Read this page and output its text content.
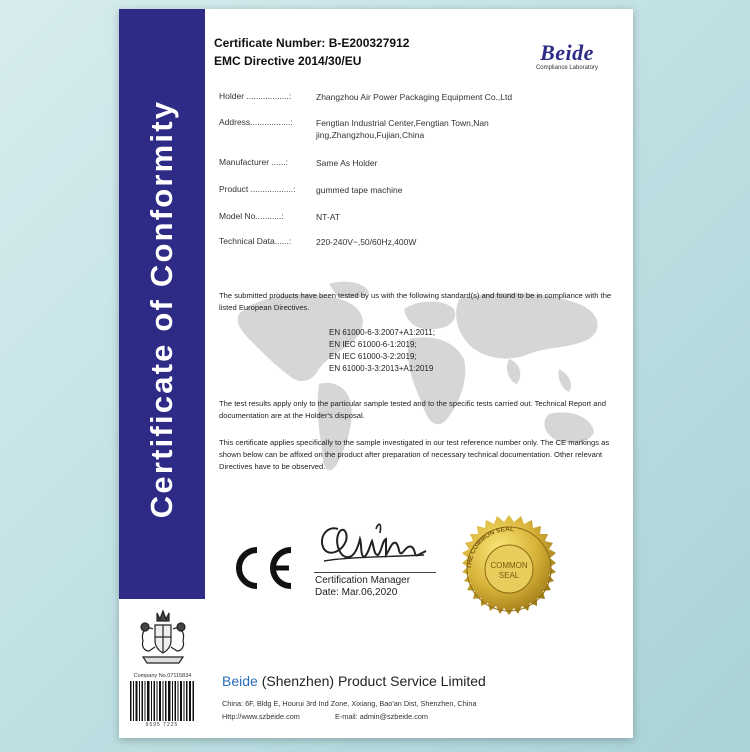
Certificate of Conformity
Certificate Number: B-E200327912
EMC Directive 2014/30/EU	Beide
Compliance Laboratory
Holder ..................:	Zhangzhou Air Power Packaging Equipment Co.,Ltd
Address.................:	Fengtian Industrial Center,Fengtian Town,Nan jing,Zhangzhou,Fujian,China
Manufacturer ......:	Same As Holder
Product ..................: gummed tape machine
Model No...........:	NT-AT
Technical Data......:	220-240V~,50/60Hz,400W
The submitted products have been tested by us with the following standard(s) and found to be in compliance with the listed European Directives.
EN 61000-6-3:2007+A1:2011;
EN IEC 61000-6-1:2019;
EN IEC 61000-3-2:2019;
EN 61000-3-3:2013+A1:2019
The test results apply only to the particular sample tested and to the specific tests carried out. Technical Report and documentation are at the Holder's disposal.
This certificate applies specifically to the sample investigated in our test reference number only. The CE markings as shown below can be affixed on the product after preparation of necessary technical documentation. Other relevant Directives have to be observed.
Certification Manager
Date: Mar.06,2020
THE COMMON SEAL
COMMON
SEAL
Company No.07115834
9595 7225
Beide (Shenzhen) Product Service Limited
China: 6F, Bldg E, Hourui 3rd Ind Zone, Xixiang, Bao'an Dist, Shenzhen, China
Http://www.szbeide.com	E-mail: admin@szbeide.com
